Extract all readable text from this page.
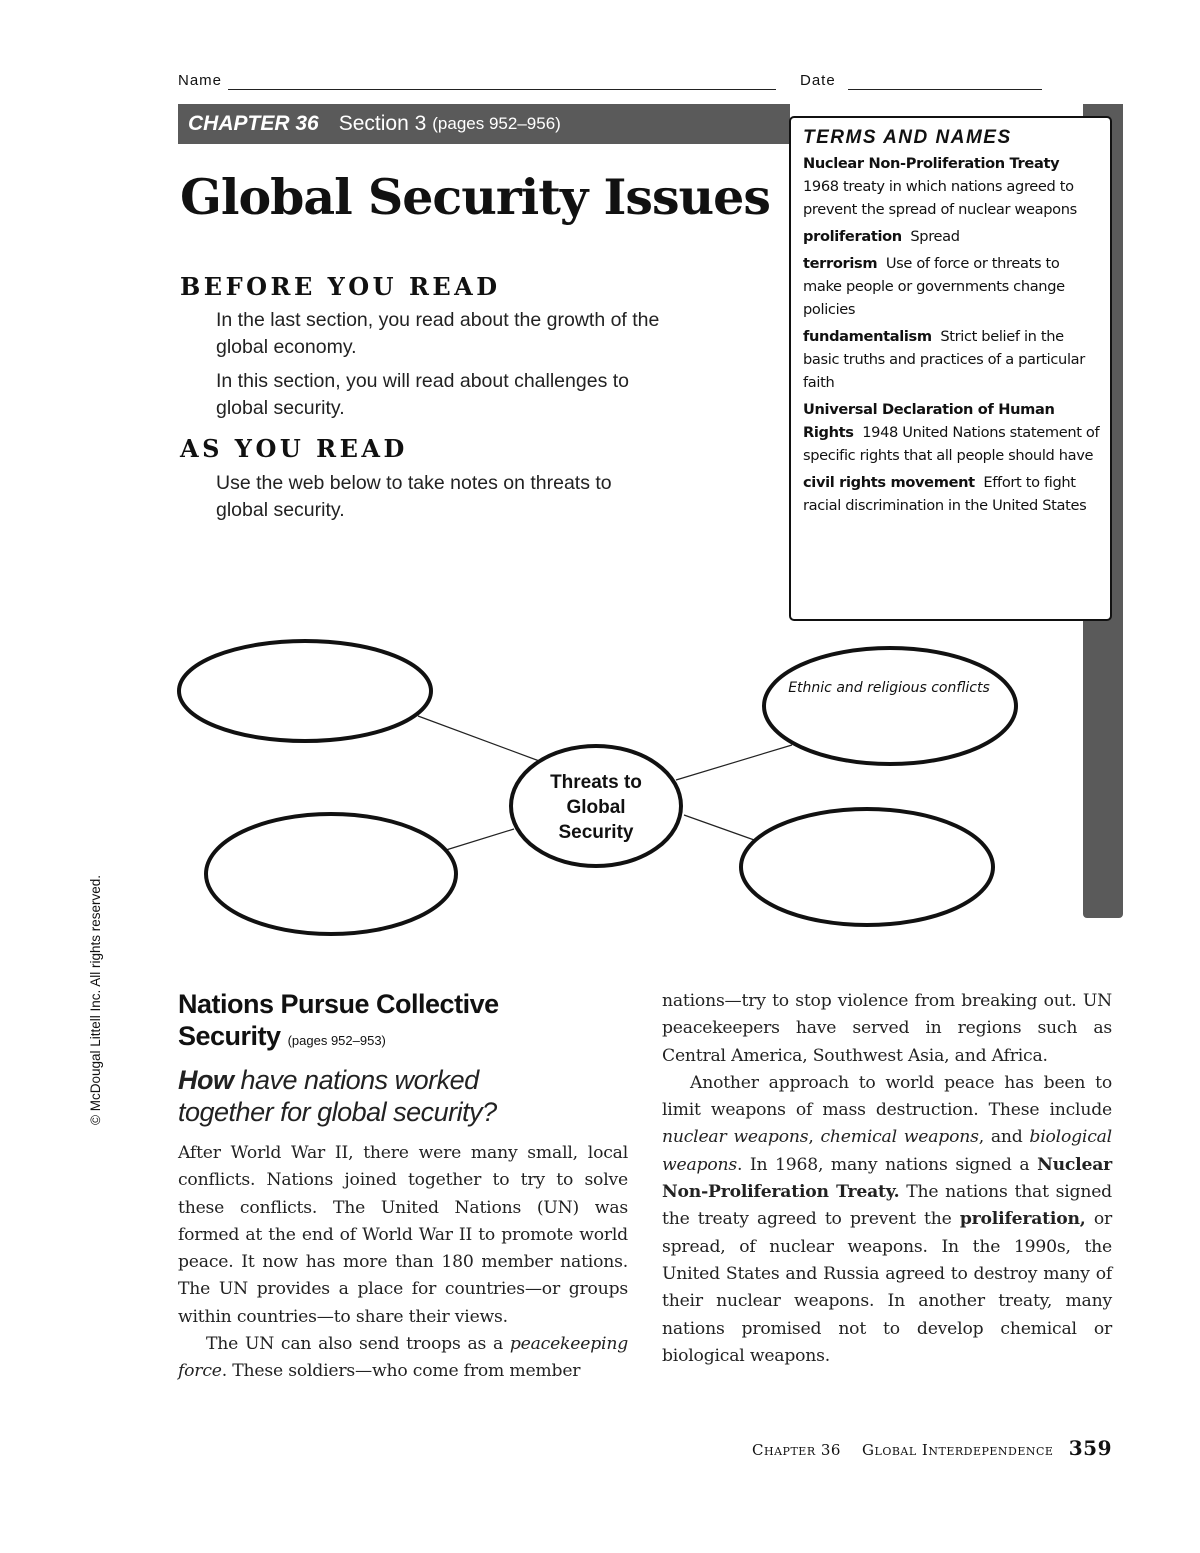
Name	Date
CHAPTER 36 Section 3 (pages 952–956)
TERMS AND NAMES
Nuclear Non-Proliferation Treaty
1968 treaty in which nations agreed to prevent the spread of nuclear weapons
proliferation Spread
terrorism Use of force or threats to make people or governments change policies
fundamentalism Strict belief in the basic truths and practices of a particular faith
Universal Declaration of Human Rights 1948 United Nations statement of specific rights that all people should have
civil rights movement Effort to fight racial discrimination in the United States
Global Security Issues
BEFORE YOU READ
In the last section, you read about the growth of the
global economy.
In this section, you will read about challenges to
global security.
AS YOU READ
Use the web below to take notes on threats to
global security.
Threats to
Global
Security
Ethnic and religious conflicts
© McDougal Littell Inc. All rights reserved.	Nations Pursue Collective
Security (pages 952–953)
How have nations worked
together for global security?

After World War II, there were many small, local conflicts. Nations joined together to try to solve these conflicts. The United Nations (UN) was formed at the end of World War II to promote world peace. It now has more than 180 member nations. The UN provides a place for countries—or groups within countries—to share their views.

The UN can also send troops as a peacekeeping force. These soldiers—who come from member

nations—try to stop violence from breaking out. UN peacekeepers have served in regions such as Central America, Southwest Asia, and Africa.

Another approach to world peace has been to limit weapons of mass destruction. These include nuclear weapons, chemical weapons, and biological weapons. In 1968, many nations signed a Nuclear Non-Proliferation Treaty. The nations that signed the treaty agreed to prevent the proliferation, or spread, of nuclear weapons. In the 1990s, the United States and Russia agreed to destroy many of their nuclear weapons. In another treaty, many nations promised not to develop chemical or biological weapons.

Chapter 36 Global Interdependence 359
